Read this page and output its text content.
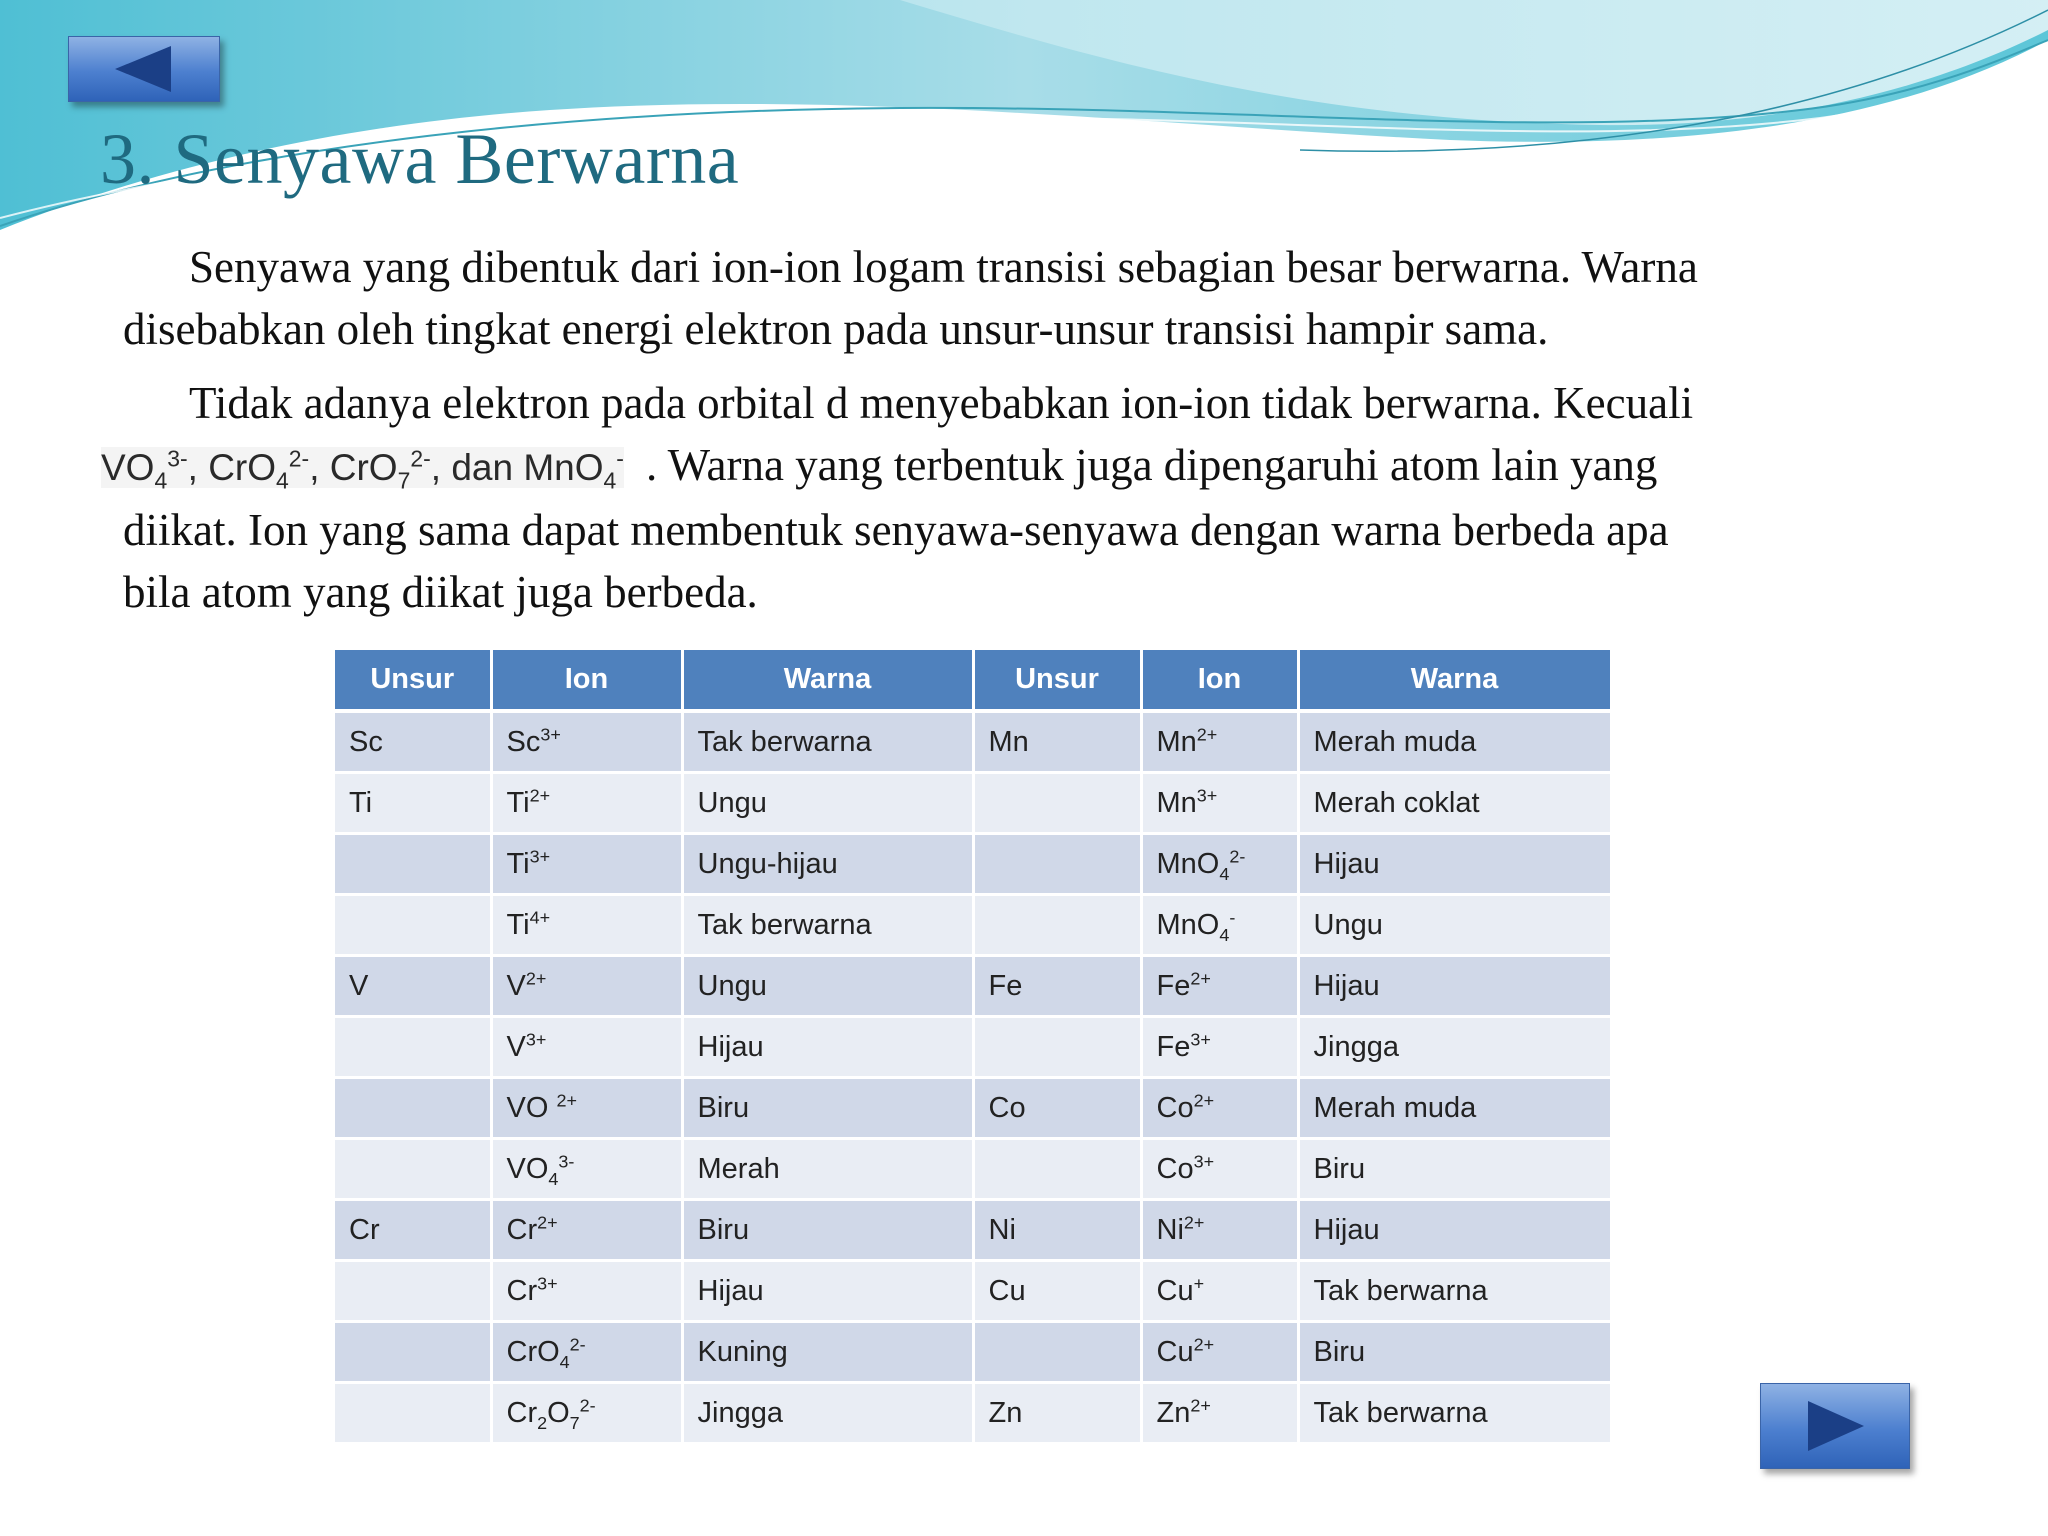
3. Senyawa Berwarna
Senyawa yang dibentuk dari ion-ion logam transisi sebagian besar berwarna. Warna
disebabkan oleh tingkat energi elektron pada unsur-unsur transisi hampir sama.
Tidak adanya elektron pada orbital d menyebabkan ion-ion tidak berwarna. Kecuali
$VO_4^{3-}$, CrO$_4^{2-}$, CrO$_7^{2-}$, dan MnO$_4$- . Warna yang terbentuk juga dipengaruhi atom lain yang
diikat. Ion yang sama dapat membentuk senyawa-senyawa dengan warna berbeda apa
bila atom yang diikat juga berbeda.
Unsur	Ion	Warna	Unsur	Ion	Warna
Sc	$Sc^{3+}$	Tak berwarna	Mn	$Mn^{2+}$	Merah muda
Ti	$Ti^{2+}$	Ungu		$Mn^{3+}$	Merah coklat
	$Ti^{3+}$	Ungu-hijau		MnO$_4^{2-}$	Hijau
	$Ti^{4+}$	Tak berwarna		MnO$_4$-	Ungu
V	$V^{2+}$	Ungu	Fe	$Fe^{2+}$	Hijau
	$V^{3+}$	Hijau		$Fe^{3+}$	Jingga
	VO $^{2+}$	Biru	Co	$Co^{2+}$	Merah muda
	$VO_4^{3-}$	Merah		$Co^{3+}$	Biru
Cr	$Cr^{2+}$	Biru	Ni	$Ni^{2+}$	Hijau
	$Cr^{3+}$	Hijau	Cu	Cu+	Tak berwarna
	CrO$_4^{2-}$	Kuning		$Cu^{2+}$	Biru
	$Cr_2O_7^{2-}$	Jingga	Zn	$Zn^{2+}$	Tak berwarna
